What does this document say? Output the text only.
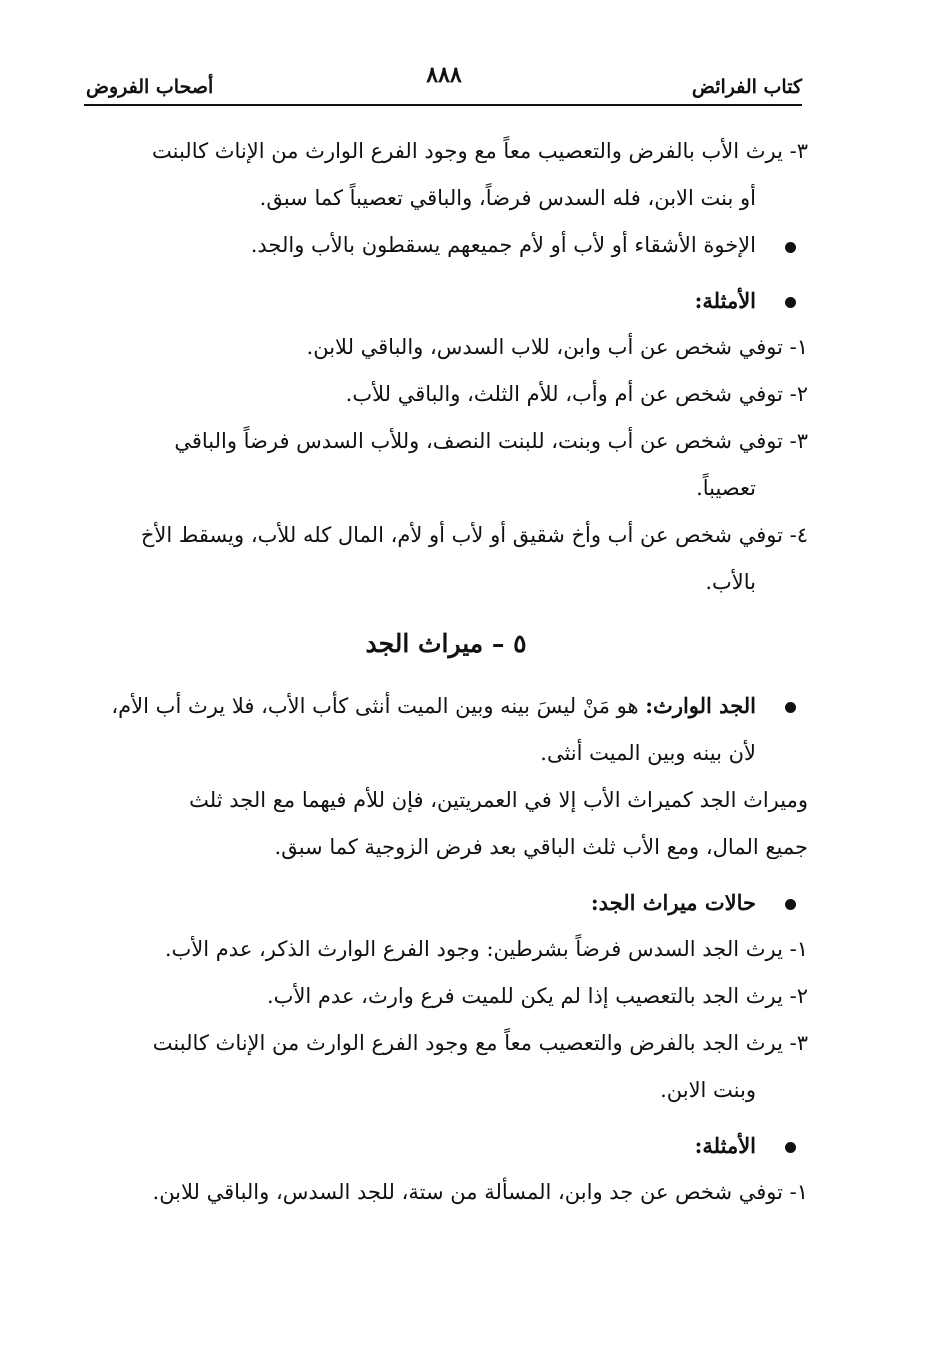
كتاب الفرائض
٨٨٨
أصحاب الفروض

٣- يرث الأب بالفرض والتعصيب معاً مع وجود الفرع الوارث من الإناث كالبنت

أو بنت الابن، فله السدس فرضاً، والباقي تعصيباً كما سبق.

الإخوة الأشقاء أو لأب أو لأم جميعهم يسقطون بالأب والجد.

الأمثلة:

١- توفي شخص عن أب وابن، للاب السدس، والباقي للابن.

٢- توفي شخص عن أم وأب، للأم الثلث، والباقي للأب.

٣- توفي شخص عن أب وبنت، للبنت النصف، وللأب السدس فرضاً والباقي

تعصيباً.

٤- توفي شخص عن أب وأخ شقيق أو لأب أو لأم، المال كله للأب، ويسقط الأخ

بالأب.

٥ – ميراث الجد

الجد الوارث: هو مَنْ ليسَ بينه وبين الميت أنثى كأب الأب، فلا يرث أب الأم،

لأن بينه وبين الميت أنثى.

وميراث الجد كميراث الأب إلا في العمريتين، فإن للأم فيهما مع الجد ثلث

جميع المال، ومع الأب ثلث الباقي بعد فرض الزوجية كما سبق.

حالات ميراث الجد:

١- يرث الجد السدس فرضاً بشرطين: وجود الفرع الوارث الذكر، عدم الأب.

٢- يرث الجد بالتعصيب إذا لم يكن للميت فرع وارث، عدم الأب.

٣- يرث الجد بالفرض والتعصيب معاً مع وجود الفرع الوارث من الإناث كالبنت

وبنت الابن.

الأمثلة:

١- توفي شخص عن جد وابن، المسألة من ستة، للجد السدس، والباقي للابن.
